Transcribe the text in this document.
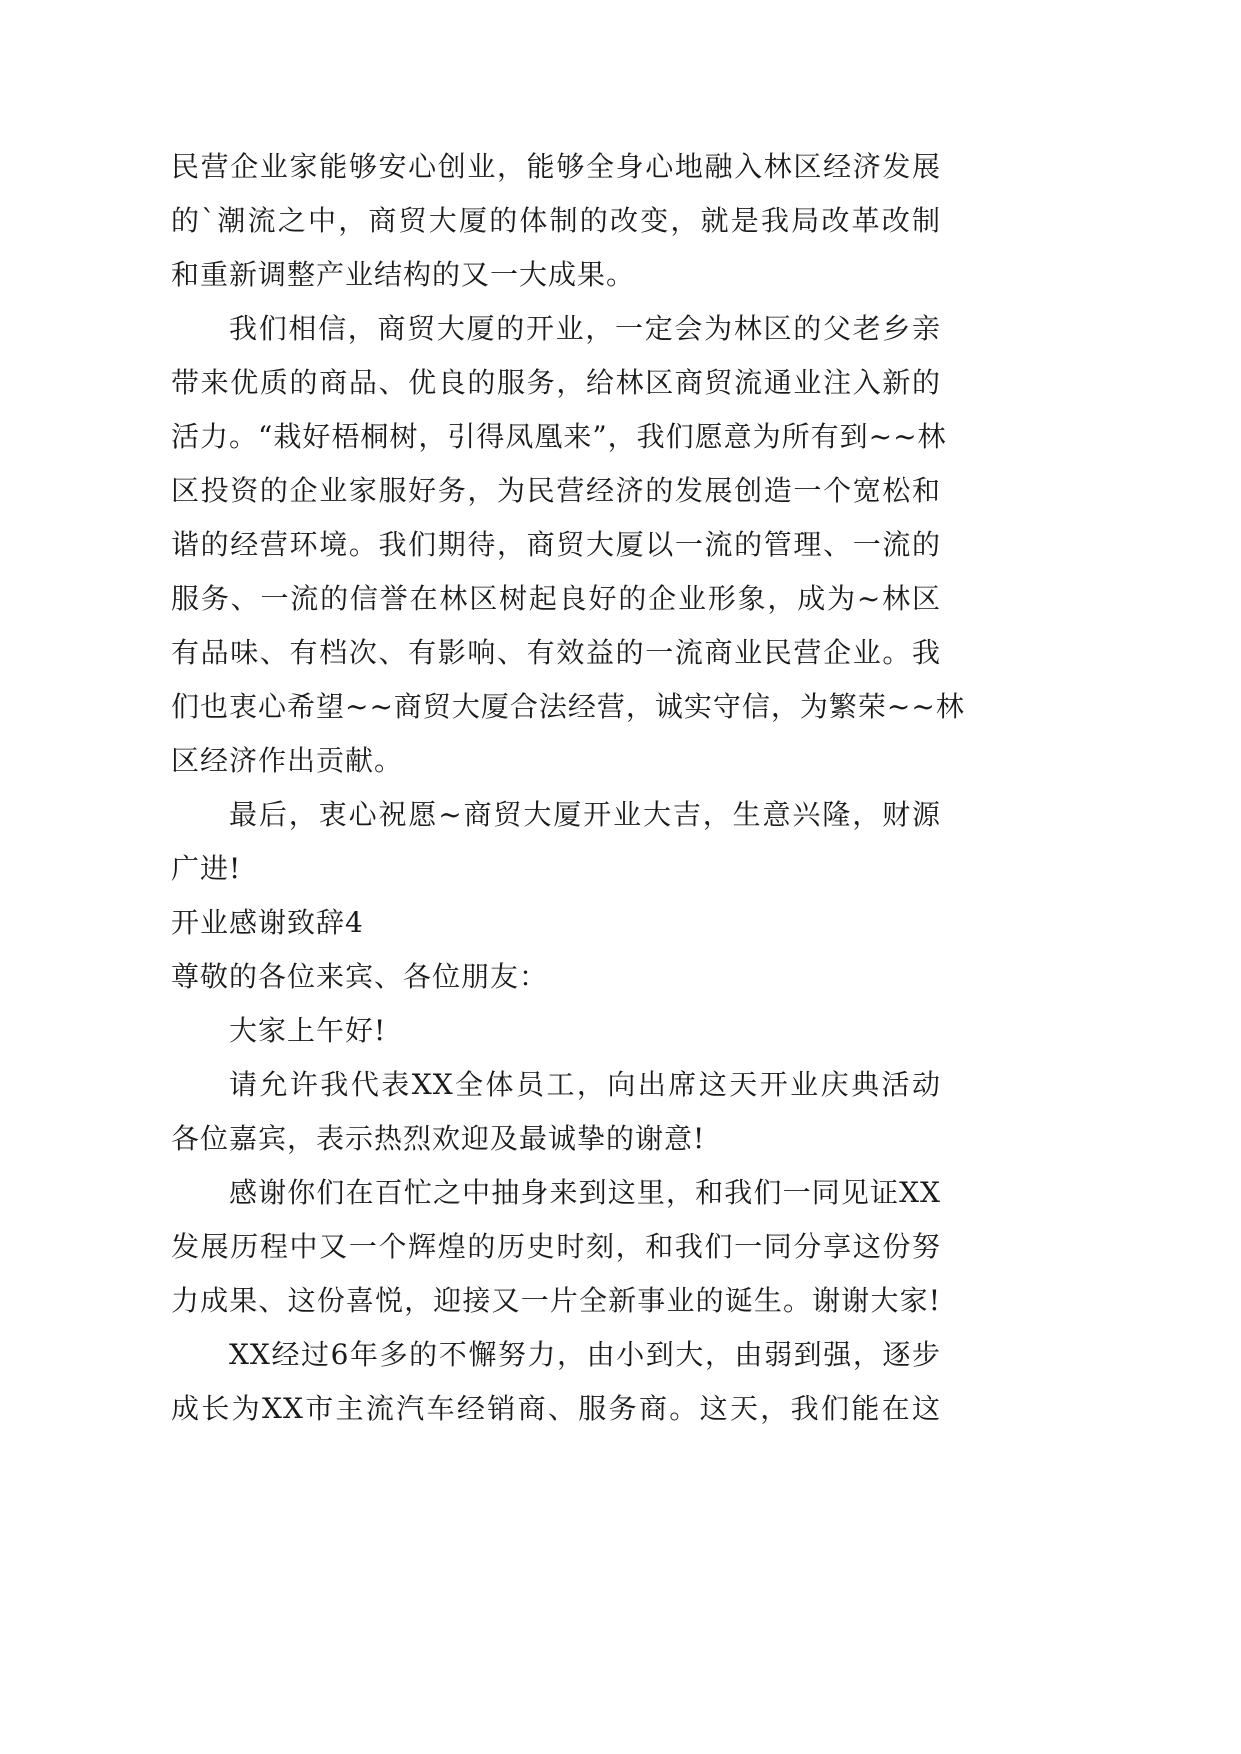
民营企业家能够安心创业，能够全身心地融入林区经济发展
的`潮流之中，商贸大厦的体制的改变，就是我局改革改制
和重新调整产业结构的又一大成果。
我们相信，商贸大厦的开业，一定会为林区的父老乡亲
带来优质的商品、优良的服务，给林区商贸流通业注入新的
活力。“栽好梧桐树，引得凤凰来”，我们愿意为所有到~~林
区投资的企业家服好务，为民营经济的发展创造一个宽松和
谐的经营环境。我们期待，商贸大厦以一流的管理、一流的
服务、一流的信誉在林区树起良好的企业形象，成为~林区
有品味、有档次、有影响、有效益的一流商业民营企业。我
们也衷心希望~~商贸大厦合法经营，诚实守信，为繁荣~~林
区经济作出贡献。
最后，衷心祝愿~商贸大厦开业大吉，生意兴隆，财源
广进!
开业感谢致辞4
尊敬的各位来宾、各位朋友：
大家上午好!
请允许我代表XX全体员工，向出席这天开业庆典活动
各位嘉宾，表示热烈欢迎及最诚挚的谢意!
感谢你们在百忙之中抽身来到这里，和我们一同见证XX
发展历程中又一个辉煌的历史时刻，和我们一同分享这份努
力成果、这份喜悦，迎接又一片全新事业的诞生。谢谢大家!
XX经过6年多的不懈努力，由小到大，由弱到强，逐步
成长为XX市主流汽车经销商、服务商。这天，我们能在这
